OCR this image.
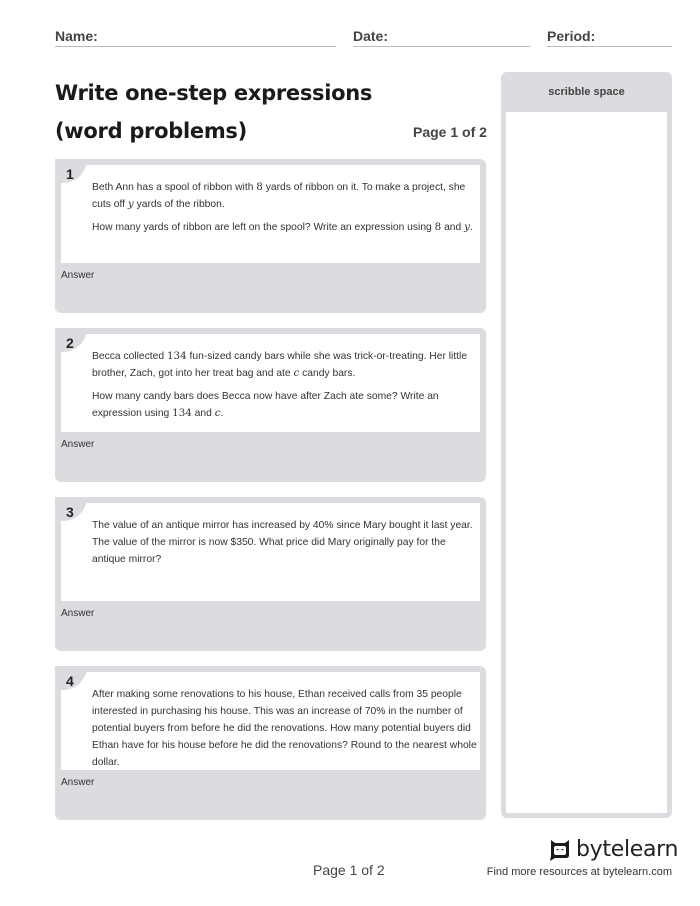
Name:	Date:	Period:
Write one-step expressions (word problems)	Page 1 of 2
1

Beth Ann has a spool of ribbon with 8 yards of ribbon on it. To make a project, she cuts off y yards of the ribbon.

How many yards of ribbon are left on the spool? Write an expression using 8 and y.

Answer
2

Becca collected 134 fun-sized candy bars while she was trick-or-treating. Her little brother, Zach, got into her treat bag and ate c candy bars.

How many candy bars does Becca now have after Zach ate some? Write an expression using 134 and c.

Answer
3

The value of an antique mirror has increased by 40% since Mary bought it last year. The value of the mirror is now $350. What price did Mary originally pay for the antique mirror?

Answer
4

After making some renovations to his house, Ethan received calls from 35 people interested in purchasing his house. This was an increase of 70% in the number of potential buyers from before he did the renovations. How many potential buyers did Ethan have for his house before he did the renovations? Round to the nearest whole dollar.

Answer
scribble space
Page 1 of 2
bytelearn
Find more resources at bytelearn.com
